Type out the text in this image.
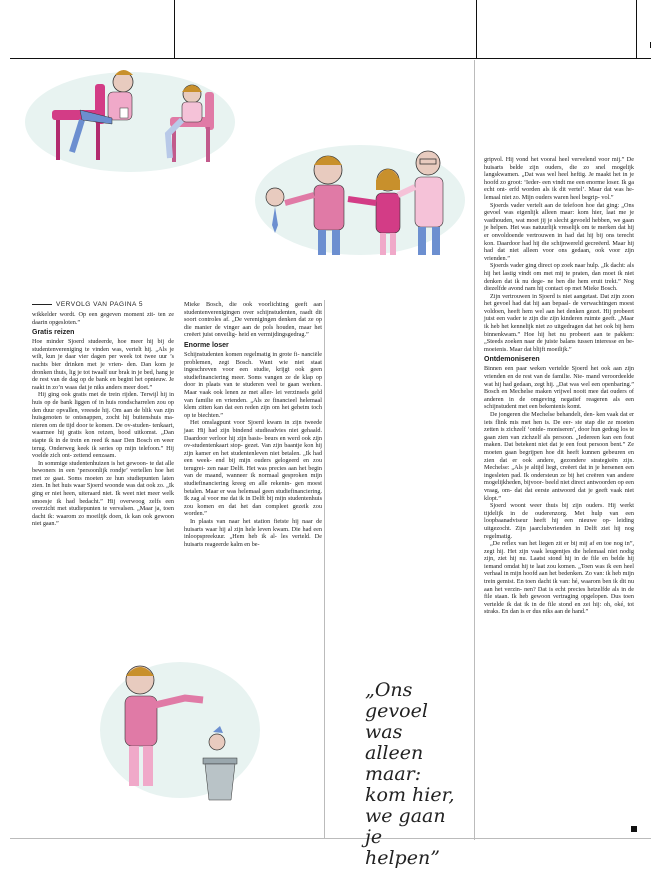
VERVOLG VAN PAGINA 5

wikkelder wordt. Op een gegeven moment zit- ten ze daarin opgesloten.”

Gratis reizen

Hoe minder Sjoerd studeerde, hoe meer hij bij de studentenvereniging te vinden was, vertelt hij. „Als je wilt, kun je daar vier dagen per week tot twee uur ’s nachts bier drinken met je vrien- den. Dan kom je dronken thuis, lig je tot twaalf uur brak in je bed, hang je de rest van de dag op de bank en begint het opnieuw. Je raakt in zo’n waas dat je niks anders meer doet.”

Hij ging ook gratis met de trein rijden. Terwijl hij in huis op de bank liggen of in huis rondscharrelen zou op den duur opvallen, vreesde hij. Om aan de blik van zijn huisgenoten te ontsnappen, zocht hij buitenshuis ma- nieren om de tijd door te komen. De ov-studen- tenkaart, waarmee hij gratis kon reizen, bood uitkomst. „Dan stapte ik in de trein en reed ik naar Den Bosch en weer terug. Onderweg keek ik series op mijn telefoon.” Hij voelde zich ont- zettend eenzaam.

In sommige studentenhuizen is het gewoon- te dat alle bewoners in een ‘persoonlijk rondje’ vertellen hoe het met ze gaat. Soms moeten ze hun studiepunten laten zien. In het huis waar Sjoerd woonde was dat ook zo. „Ik ging er niet heen, uiteraard niet. Ik weet niet meer welk smoesje ik had bedacht.” Hij overwoog zelfs een overzicht met studiepunten te vervalsen. „Maar ja, toen dacht ik: waarom zo moeilijk doen, ik kan ook gewoon niet gaan.”

Mieke Bosch, die ook voorlichting geeft aan studentenverenigingen over schijnstudenten, raadt dit soort controles af. „De verenigingen denken dat ze op die manier de vinger aan de pols houden, maar het creëert juist onveilig- heid en vermijdingsgedrag.”

Enorme loser

Schijnstudenten komen regelmatig in grote fi- nanciële problemen, zegt Bosch. Want wie niet staat ingeschreven voor een studie, krijgt ook geen studiefinanciering meer. Soms vangen ze de klap op door in plaats van te studeren veel te gaan werken. Maar vaak ook lenen ze met aller- lei verzinsels geld van familie en vrienden. „Als ze financieel helemaal klem zitten kan dat een reden zijn om het geheim toch op te biechten.”

Het omslagpunt voor Sjoerd kwam in zijn tweede jaar. Hij had zijn bindend studieadvies niet gehaald. Daardoor verloor hij zijn basis- beurs en werd ook zijn ov-studentenkaart stop- gezet. Van zijn baantje kon hij zijn kamer en het studentenleven niet betalen. „Ik had een week- end bij mijn ouders gelogeerd en zou terugrei- zen naar Delft. Het was precies aan het begin van de maand, wanneer ik normaal gesproken mijn studiefinanciering kreeg en alle rekenin- gen moest betalen. Maar er was helemaal geen studiefinanciering. Ik zag al voor me dat ik in Delft bij mijn studentenhuis zou komen en dat het dan compleet gezeik zou worden.”

In plaats van naar het station fietste hij naar de huisarts waar hij al zijn hele leven kwam. Die had een inloopspreekuur. „Hem heb ik al- les verteld. De huisarts reageerde kalm en be-

gripvol. Hij vond het vooral heel vervelend voor mij.” De huisarts belde zijn ouders, die zo snel mogelijk langskwamen. „Dat was wel heel heftig. Je maakt het in je hoofd zo groot: ‘Ieder- een vindt me een enorme loser. Ik ga echt ont- erfd worden als ik dit vertel’. Maar dat was he- lemaal niet zo. Mijn ouders waren heel begrip- vol.”

Sjoerds vader vertelt aan de telefoon hoe dat ging: „Ons gevoel was eigenlijk alleen maar: kom hier, laat me je vasthouden, wat moet jij je slecht gevoeld hebben, we gaan je helpen. Het was natuurlijk vreselijk om te merken dat hij er onvoldoende vertrouwen in had dat hij bij ons terecht kon. Daardoor had hij die schijnwereld gecreëerd. Maar hij had dat niet alleen voor ons gedaan, ook voor zijn vrienden.”

Sjoerds vader ging direct op zoek naar hulp. „Ik dacht: als hij het lastig vindt om met mij te praten, dan moet ik niet denken dat ik nu dege- ne ben die hem eruit trekt.” Nog diezelfde avond nam hij contact op met Mieke Bosch.

Zijn vertrouwen in Sjoerd is niet aangetast. Dat zijn zoon het gevoel had dat hij aan bepaal- de verwachtingen moest voldoen, heeft hem wel aan het denken gezet. Hij probeert juist een vader te zijn die zijn kinderen ruimte geeft. „Maar ik heb het kennelijk niet zo uitgedragen dat het ook bij hem binnenkwam.” Hoe hij het nu probeert aan te pakken: „Steeds zoeken naar de juiste balans tussen interesse en be- moeienis. Maar dat blijft moeilijk.”

Ontdemoniseren

Binnen een paar weken vertelde Sjoerd het ook aan zijn vrienden en de rest van de familie. Nie- mand veroordeelde wat hij had gedaan, zegt hij. „Dat was wel een openbaring.” Bosch en Mechelse maken vrijwel nooit mee dat ouders of anderen in de omgeving negatief reageren als een schijnstudent met een bekentenis komt.

De jongeren die Mechelse behandelt, den- ken vaak dat er iets flink mis met hen is. De eer- ste stap die ze moeten zetten is zichzelf ‘ontde- moniseren’, door hun gedrag los te gaan zien van zichzelf als persoon. „Iedereen kan een fout maken. Dat betekent niet dat je een fout persoon bent.” Ze moeten gaan begrijpen hoe dit heeft kunnen gebeuren en zien dat er ook andere, gezondere strategieën zijn. Mechelse: „Als je altijd liegt, creëert dat in je hersenen een ingesleten pad. Ik ondersteun ze bij het creëren van andere mogelijkheden, bijvoor- beeld niet direct antwoorden op een vraag, om- dat dat eerste antwoord dat je geeft vaak niet klopt.”

Sjoerd woont weer thuis bij zijn ouders. Hij werkt tijdelijk in de ouderenzorg. Met hulp van een loopbaanadviseur heeft hij een nieuwe op- leiding uitgezocht. Zijn jaarclubvrienden in Delft ziet hij nog regelmatig.

„De reflex van het liegen zit er bij mij af en toe nog in”, zegt hij. Het zijn vaak leugentjes die helemaal niet nodig zijn, ziet hij nu. Laatst stond hij in de file en belde hij iemand omdat hij te laat zou komen. „Toen was ik een heel verhaal in mijn hoofd aan het bedenken. Zo van: ik heb mijn trein gemist. En toen dacht ik van: hé, waarom ben ik dit nu aan het verzin- nen? Dat is echt precies hetzelfde als in de file staan. Ik heb gewoon vertraging opgelopen. Dus toen vertelde ik dat ik in de file stond en zei hij: oh, oké, tot straks. En dan is er dus niks aan de hand.”

„Ons gevoel was alleen maar: kom hier, we gaan je helpen”
